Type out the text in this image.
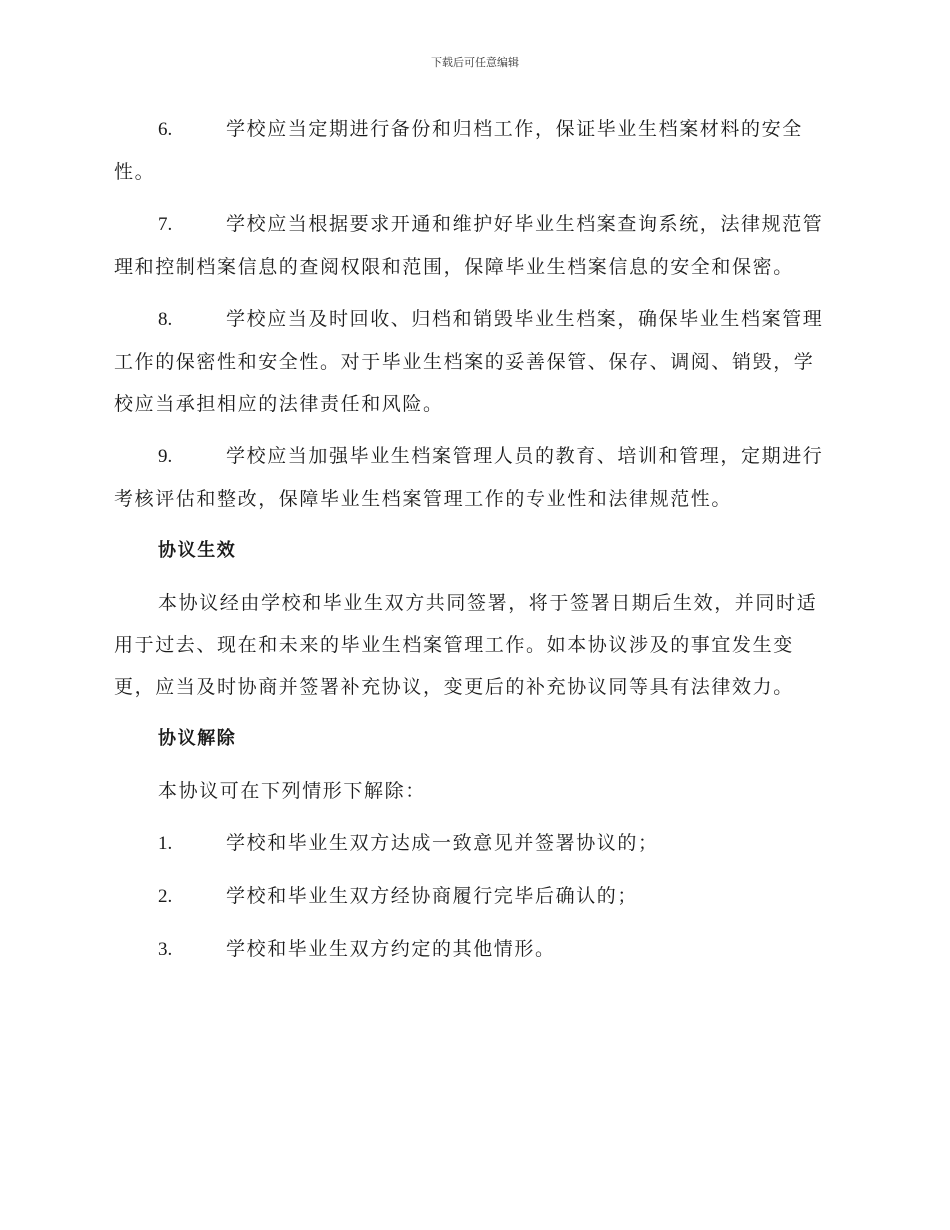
下载后可任意编辑

6.	学校应当定期进行备份和归档工作，保证毕业生档案材料的安全性。

7.	学校应当根据要求开通和维护好毕业生档案查询系统，法律规范管理和控制档案信息的查阅权限和范围，保障毕业生档案信息的安全和保密。

8.	学校应当及时回收、归档和销毁毕业生档案，确保毕业生档案管理工作的保密性和安全性。对于毕业生档案的妥善保管、保存、调阅、销毁，学校应当承担相应的法律责任和风险。

9.	学校应当加强毕业生档案管理人员的教育、培训和管理，定期进行考核评估和整改，保障毕业生档案管理工作的专业性和法律规范性。

协议生效

本协议经由学校和毕业生双方共同签署，将于签署日期后生效，并同时适用于过去、现在和未来的毕业生档案管理工作。如本协议涉及的事宜发生变更，应当及时协商并签署补充协议，变更后的补充协议同等具有法律效力。

协议解除

本协议可在下列情形下解除：

1.	学校和毕业生双方达成一致意见并签署协议的；

2.	学校和毕业生双方经协商履行完毕后确认的；

3.	学校和毕业生双方约定的其他情形。
